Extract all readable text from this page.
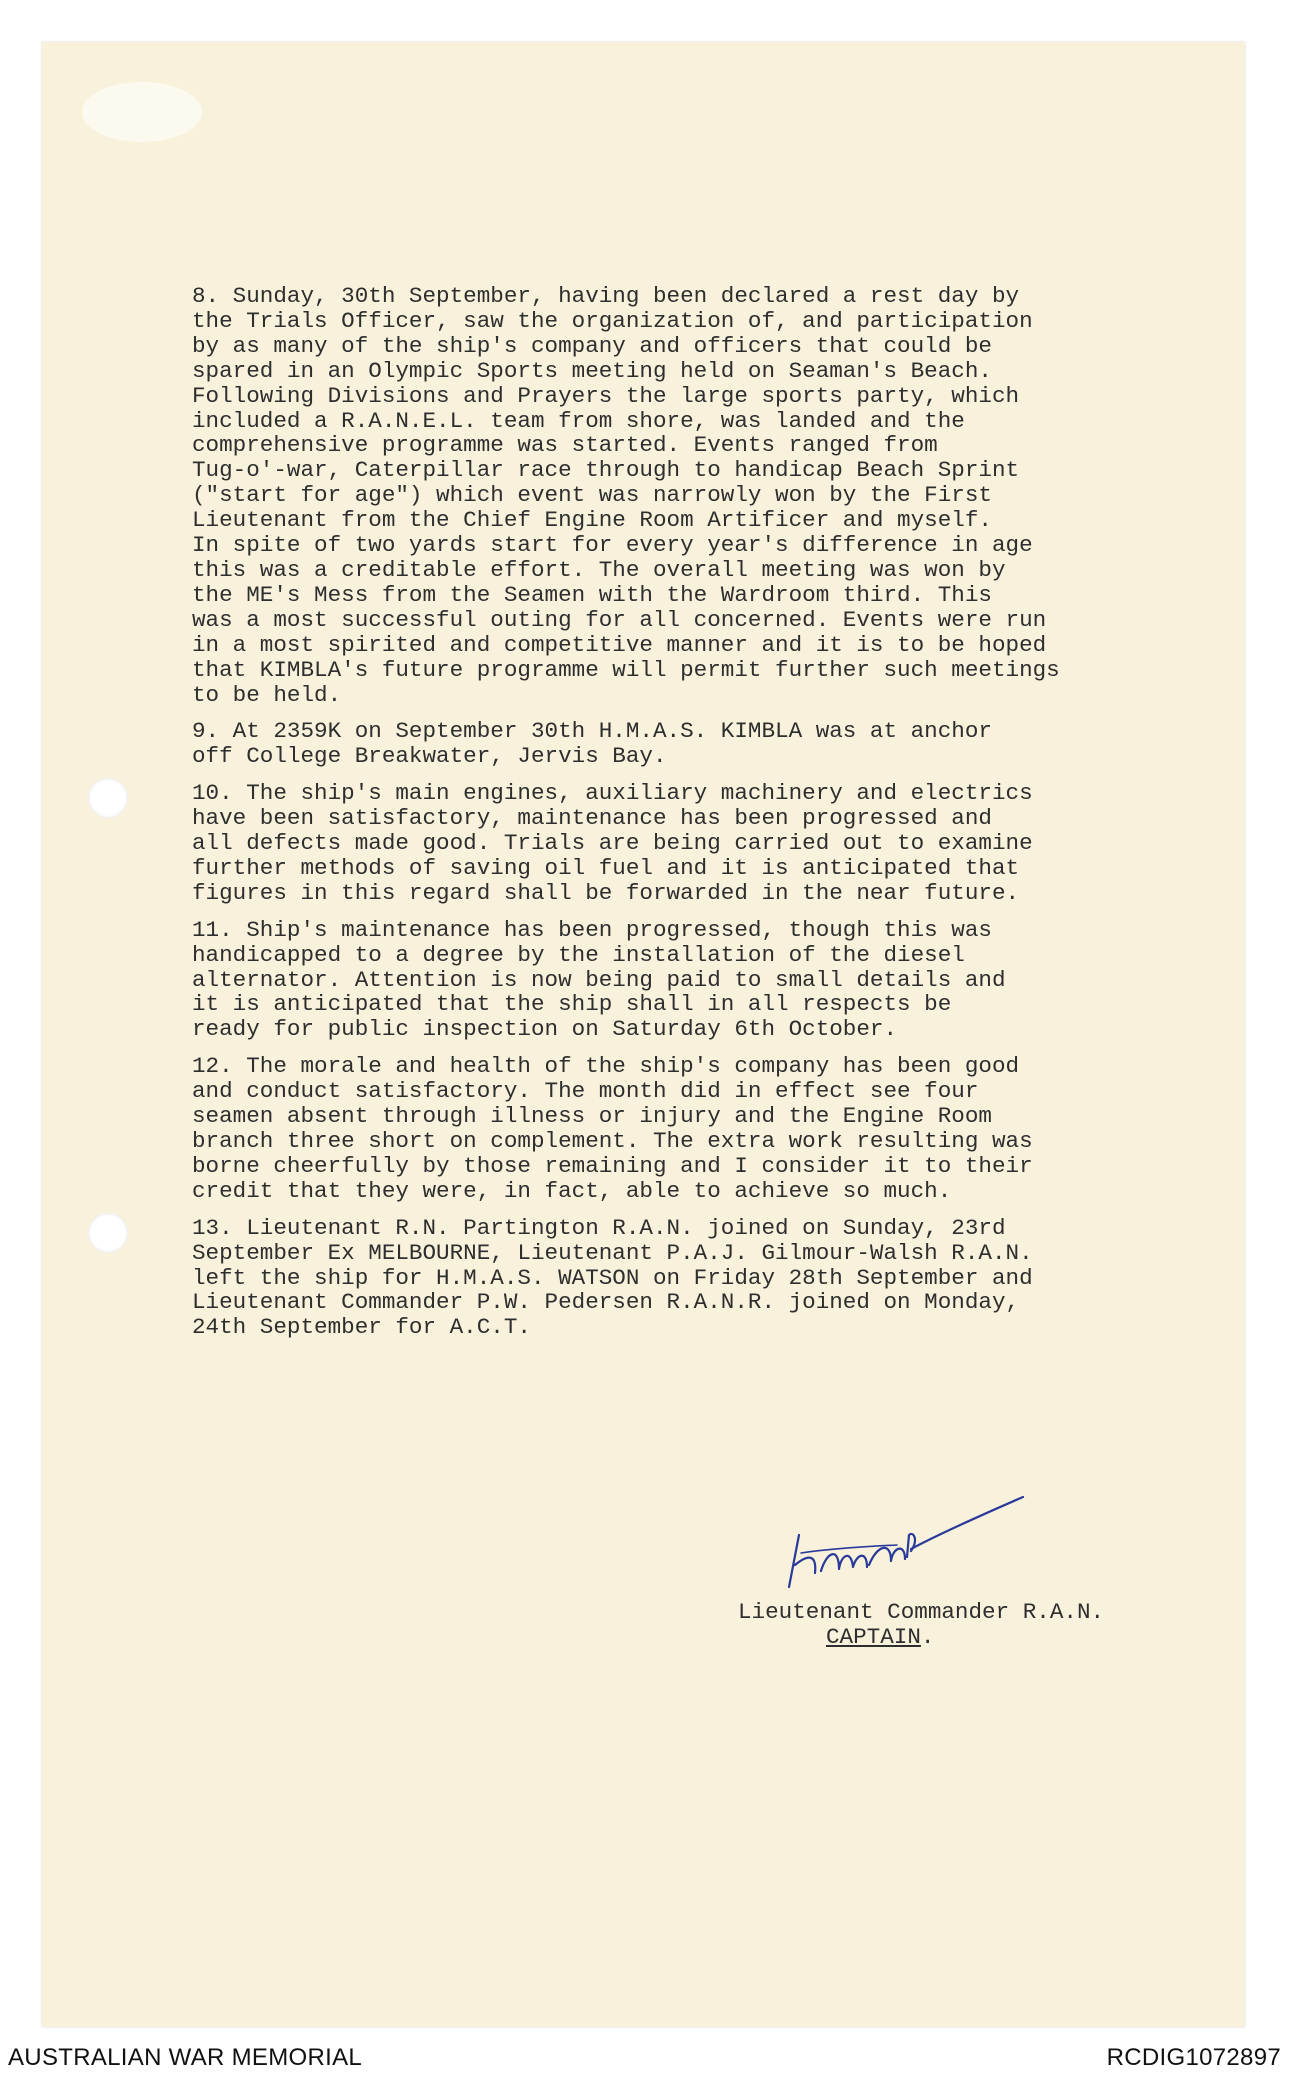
8. Sunday, 30th September, having been declared a rest day by
the Trials Officer, saw the organization of, and participation
by as many of the ship's company and officers that could be
spared in an Olympic Sports meeting held on Seaman's Beach.
Following Divisions and Prayers the large sports party, which
included a R.A.N.E.L. team from shore, was landed and the
comprehensive programme was started. Events ranged from
Tug-o'-war, Caterpillar race through to handicap Beach Sprint
("start for age") which event was narrowly won by the First
Lieutenant from the Chief Engine Room Artificer and myself.
In spite of two yards start for every year's difference in age
this was a creditable effort. The overall meeting was won by
the ME's Mess from the Seamen with the Wardroom third. This
was a most successful outing for all concerned. Events were run
in a most spirited and competitive manner and it is to be hoped
that KIMBLA's future programme will permit further such meetings
to be held.

9. At 2359K on September 30th H.M.A.S. KIMBLA was at anchor
off College Breakwater, Jervis Bay.

10. The ship's main engines, auxiliary machinery and electrics
have been satisfactory, maintenance has been progressed and
all defects made good. Trials are being carried out to examine
further methods of saving oil fuel and it is anticipated that
figures in this regard shall be forwarded in the near future.

11. Ship's maintenance has been progressed, though this was
handicapped to a degree by the installation of the diesel
alternator. Attention is now being paid to small details and
it is anticipated that the ship shall in all respects be
ready for public inspection on Saturday 6th October.

12. The morale and health of the ship's company has been good
and conduct satisfactory. The month did in effect see four
seamen absent through illness or injury and the Engine Room
branch three short on complement. The extra work resulting was
borne cheerfully by those remaining and I consider it to their
credit that they were, in fact, able to achieve so much.

13. Lieutenant R.N. Partington R.A.N. joined on Sunday, 23rd
September Ex MELBOURNE, Lieutenant P.A.J. Gilmour-Walsh R.A.N.
left the ship for H.M.A.S. WATSON on Friday 28th September and
Lieutenant Commander P.W. Pedersen R.A.N.R. joined on Monday,
24th September for A.C.T.

Lieutenant Commander R.A.N.
CAPTAIN.
AUSTRALIAN WAR MEMORIAL	RCDIG1072897
